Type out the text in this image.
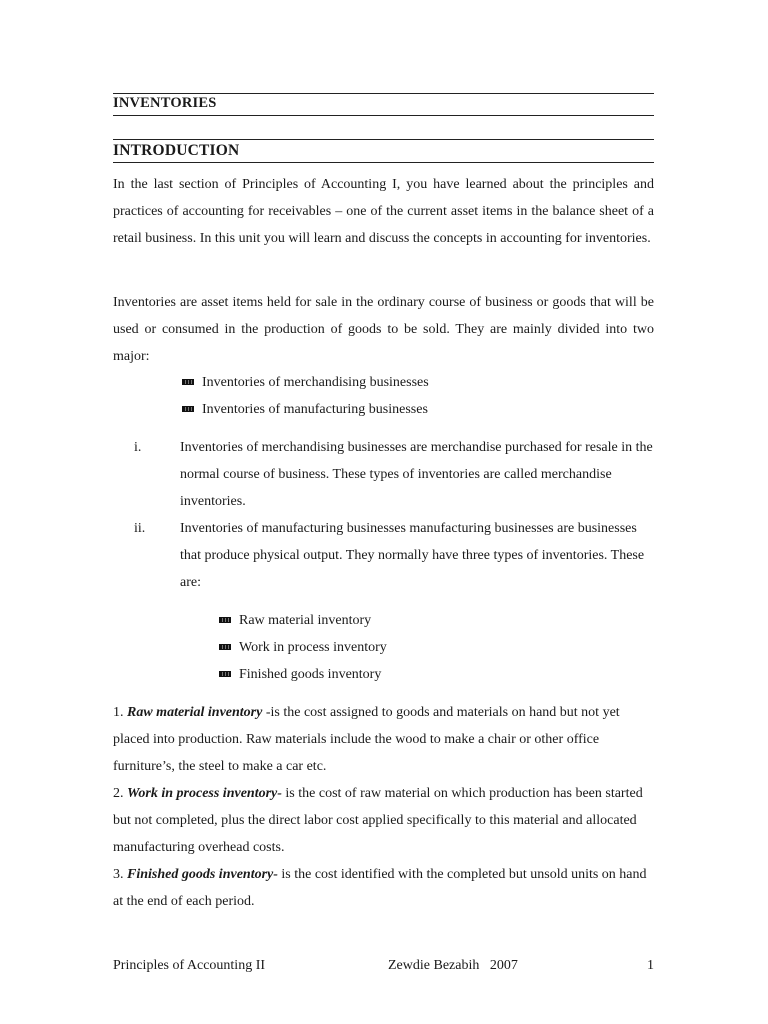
INVENTORIES
INTRODUCTION

In the last section of Principles of Accounting I, you have learned about the principles and practices of accounting for receivables – one of the current asset items in the balance sheet of a retail business. In this unit you will learn and discuss the concepts in accounting for inventories.

Inventories are asset items held for sale in the ordinary course of business or goods that will be used or consumed in the production of goods to be sold. They are mainly divided into two major:

Inventories of merchandising businesses
Inventories of manufacturing businesses
i.	Inventories of merchandising businesses are merchandise purchased for resale in the normal course of business. These types of inventories are called merchandise inventories.

ii. Inventories of manufacturing businesses manufacturing businesses are businesses that produce physical output. They normally have three types of inventories. These are:

Raw material inventory
Work in process inventory
Finished goods inventory

1. Raw material inventory -is the cost assigned to goods and materials on hand but not yet placed into production. Raw materials include the wood to make a chair or other office furniture’s, the steel to make a car etc.

2. Work in process inventory- is the cost of raw material on which production has been started but not completed, plus the direct labor cost applied specifically to this material and allocated manufacturing overhead costs.

3. Finished goods inventory- is the cost identified with the completed but unsold units on hand at the end of each period.

Principles of Accounting II	Zewdie Bezabih   2007	1
